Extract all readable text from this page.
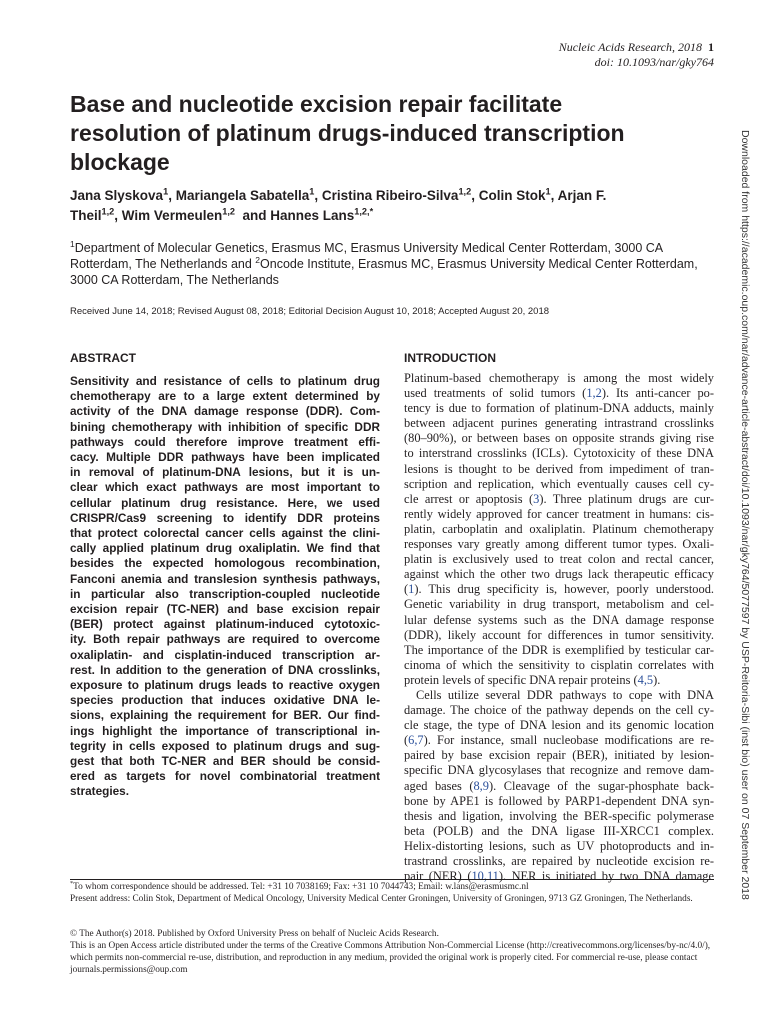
Nucleic Acids Research, 2018 1
doi: 10.1093/nar/gky764
Base and nucleotide excision repair facilitate
resolution of platinum drugs-induced transcription
blockage
Jana Slyskova$^1$, Mariangela Sabatella$^1$, Cristina Ribeiro-Silva$^{1,2}$, Colin Stok$^1$, Arjan F. Theil$^{1,2}$, Wim Vermeulen$^{1,2}$  and Hannes Lans$^{1,2,*}$
$^1$Department of Molecular Genetics, Erasmus MC, Erasmus University Medical Center Rotterdam, 3000 CA Rotterdam, The Netherlands and $^2$Oncode Institute, Erasmus MC, Erasmus University Medical Center Rotterdam, 3000 CA Rotterdam, The Netherlands
Received June 14, 2018; Revised August 08, 2018; Editorial Decision August 10, 2018; Accepted August 20, 2018
ABSTRACT	INTRODUCTION
Sensitivity and resistance of cells to platinum drug
chemotherapy are to a large extent determined by
activity of the DNA damage response (DDR). Com-
bining chemotherapy with inhibition of specific DDR
pathways could therefore improve treatment effi-
cacy. Multiple DDR pathways have been implicated
in removal of platinum-DNA lesions, but it is un-
clear which exact pathways are most important to
cellular platinum drug resistance. Here, we used
CRISPR/Cas9 screening to identify DDR proteins
that protect colorectal cancer cells against the clini-
cally applied platinum drug oxaliplatin. We find that
besides the expected homologous recombination,
Fanconi anemia and translesion synthesis pathways,
in particular also transcription-coupled nucleotide
excision repair (TC-NER) and base excision repair
(BER) protect against platinum-induced cytotoxic-
ity. Both repair pathways are required to overcome
oxaliplatin- and cisplatin-induced transcription ar-
rest. In addition to the generation of DNA crosslinks,
exposure to platinum drugs leads to reactive oxygen
species production that induces oxidative DNA le-
sions, explaining the requirement for BER. Our find-
ings highlight the importance of transcriptional in-
tegrity in cells exposed to platinum drugs and sug-
gest that both TC-NER and BER should be consid-
ered as targets for novel combinatorial treatment
strategies.
Platinum-based chemotherapy is among the most widely
used treatments of solid tumors (1,2). Its anti-cancer po-
tency is due to formation of platinum-DNA adducts, mainly
between adjacent purines generating intrastrand crosslinks
(80–90%), or between bases on opposite strands giving rise
to interstrand crosslinks (ICLs). Cytotoxicity of these DNA
lesions is thought to be derived from impediment of tran-
scription and replication, which eventually causes cell cy-
cle arrest or apoptosis (3). Three platinum drugs are cur-
rently widely approved for cancer treatment in humans: cis-
platin, carboplatin and oxaliplatin. Platinum chemotherapy
responses vary greatly among different tumor types. Oxali-
platin is exclusively used to treat colon and rectal cancer,
against which the other two drugs lack therapeutic efficacy
(1). This drug specificity is, however, poorly understood.
Genetic variability in drug transport, metabolism and cel-
lular defense systems such as the DNA damage response
(DDR), likely account for differences in tumor sensitivity.
The importance of the DDR is exemplified by testicular car-
cinoma of which the sensitivity to cisplatin correlates with
protein levels of specific DNA repair proteins (4,5).
Cells utilize several DDR pathways to cope with DNA
damage. The choice of the pathway depends on the cell cy-
cle stage, the type of DNA lesion and its genomic location
(6,7). For instance, small nucleobase modifications are re-
paired by base excision repair (BER), initiated by lesion-
specific DNA glycosylases that recognize and remove dam-
aged bases (8,9). Cleavage of the sugar-phosphate back-
bone by APE1 is followed by PARP1-dependent DNA syn-
thesis and ligation, involving the BER-specific polymerase
beta (POLB) and the DNA ligase III-XRCC1 complex.
Helix-distorting lesions, such as UV photoproducts and in-
trastrand crosslinks, are repaired by nucleotide excision re-
pair (NER) (10,11). NER is initiated by two DNA damage
*To whom correspondence should be addressed. Tel: +31 10 7038169; Fax: +31 10 7044743; Email: w.lans@erasmusmc.nl
Present address: Colin Stok, Department of Medical Oncology, University Medical Center Groningen, University of Groningen, 9713 GZ Groningen, The Netherlands.
© The Author(s) 2018. Published by Oxford University Press on behalf of Nucleic Acids Research.
This is an Open Access article distributed under the terms of the Creative Commons Attribution Non-Commercial License (http://creativecommons.org/licenses/by-nc/4.0/), which permits non-commercial re-use, distribution, and reproduction in any medium, provided the original work is properly cited. For commercial re-use, please contact journals.permissions@oup.com
Downloaded from https://academic.oup.com/nar/advance-article-abstract/doi/10.1093/nar/gky764/5077597 by USP-Reitoria-Sibi (inst bio) user on 07 September 2018
